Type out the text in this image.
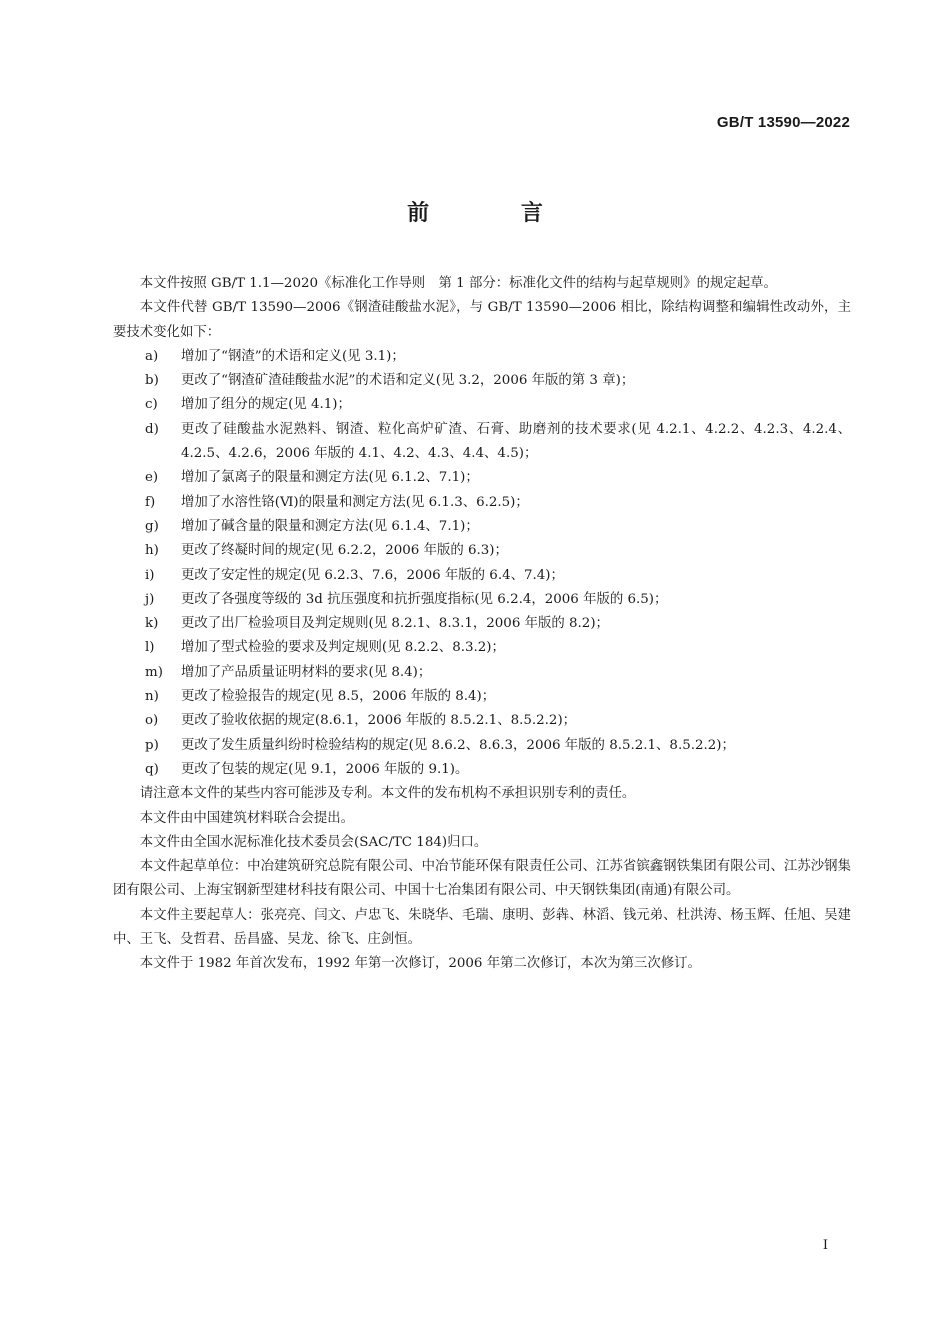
GB/T 13590—2022
前 言
本文件按照 GB/T 1.1—2020《标准化工作导则　第 1 部分：标准化文件的结构与起草规则》的规定起草。
本文件代替 GB/T 13590—2006《钢渣硅酸盐水泥》，与 GB/T 13590—2006 相比，除结构调整和编辑性改动外，主要技术变化如下：
a) 增加了“钢渣”的术语和定义(见 3.1)；
b) 更改了“钢渣矿渣硅酸盐水泥”的术语和定义(见 3.2，2006 年版的第 3 章)；
c) 增加了组分的规定(见 4.1)；
d) 更改了硅酸盐水泥熟料、钢渣、粒化高炉矿渣、石膏、助磨剂的技术要求(见 4.2.1、4.2.2、4.2.3、4.2.4、4.2.5、4.2.6，2006 年版的 4.1、4.2、4.3、4.4、4.5)；
e) 增加了氯离子的限量和测定方法(见 6.1.2、7.1)；
f) 增加了水溶性铬(Ⅵ)的限量和测定方法(见 6.1.3、6.2.5)；
g) 增加了碱含量的限量和测定方法(见 6.1.4、7.1)；
h) 更改了终凝时间的规定(见 6.2.2，2006 年版的 6.3)；
i) 更改了安定性的规定(见 6.2.3、7.6，2006 年版的 6.4、7.4)；
j) 更改了各强度等级的 3d 抗压强度和抗折强度指标(见 6.2.4，2006 年版的 6.5)；
k) 更改了出厂检验项目及判定规则(见 8.2.1、8.3.1，2006 年版的 8.2)；
l) 增加了型式检验的要求及判定规则(见 8.2.2、8.3.2)；
m) 增加了产品质量证明材料的要求(见 8.4)；
n) 更改了检验报告的规定(见 8.5，2006 年版的 8.4)；
o) 更改了验收依据的规定(8.6.1，2006 年版的 8.5.2.1、8.5.2.2)；
p) 更改了发生质量纠纷时检验结构的规定(见 8.6.2、8.6.3，2006 年版的 8.5.2.1、8.5.2.2)；
q) 更改了包装的规定(见 9.1，2006 年版的 9.1)。
请注意本文件的某些内容可能涉及专利。本文件的发布机构不承担识别专利的责任。
本文件由中国建筑材料联合会提出。
本文件由全国水泥标准化技术委员会(SAC/TC 184)归口。
本文件起草单位：中冶建筑研究总院有限公司、中冶节能环保有限责任公司、江苏省镔鑫钢铁集团有限公司、江苏沙钢集团有限公司、上海宝钢新型建材科技有限公司、中国十七冶集团有限公司、中天钢铁集团(南通)有限公司。
本文件主要起草人：张亮亮、闫文、卢忠飞、朱晓华、毛瑞、康明、彭犇、林滔、钱元弟、杜洪涛、杨玉辉、任旭、吴建中、王飞、殳哲君、岳昌盛、吴龙、徐飞、庄剑恒。
本文件于 1982 年首次发布，1992 年第一次修订，2006 年第二次修订，本次为第三次修订。
I
